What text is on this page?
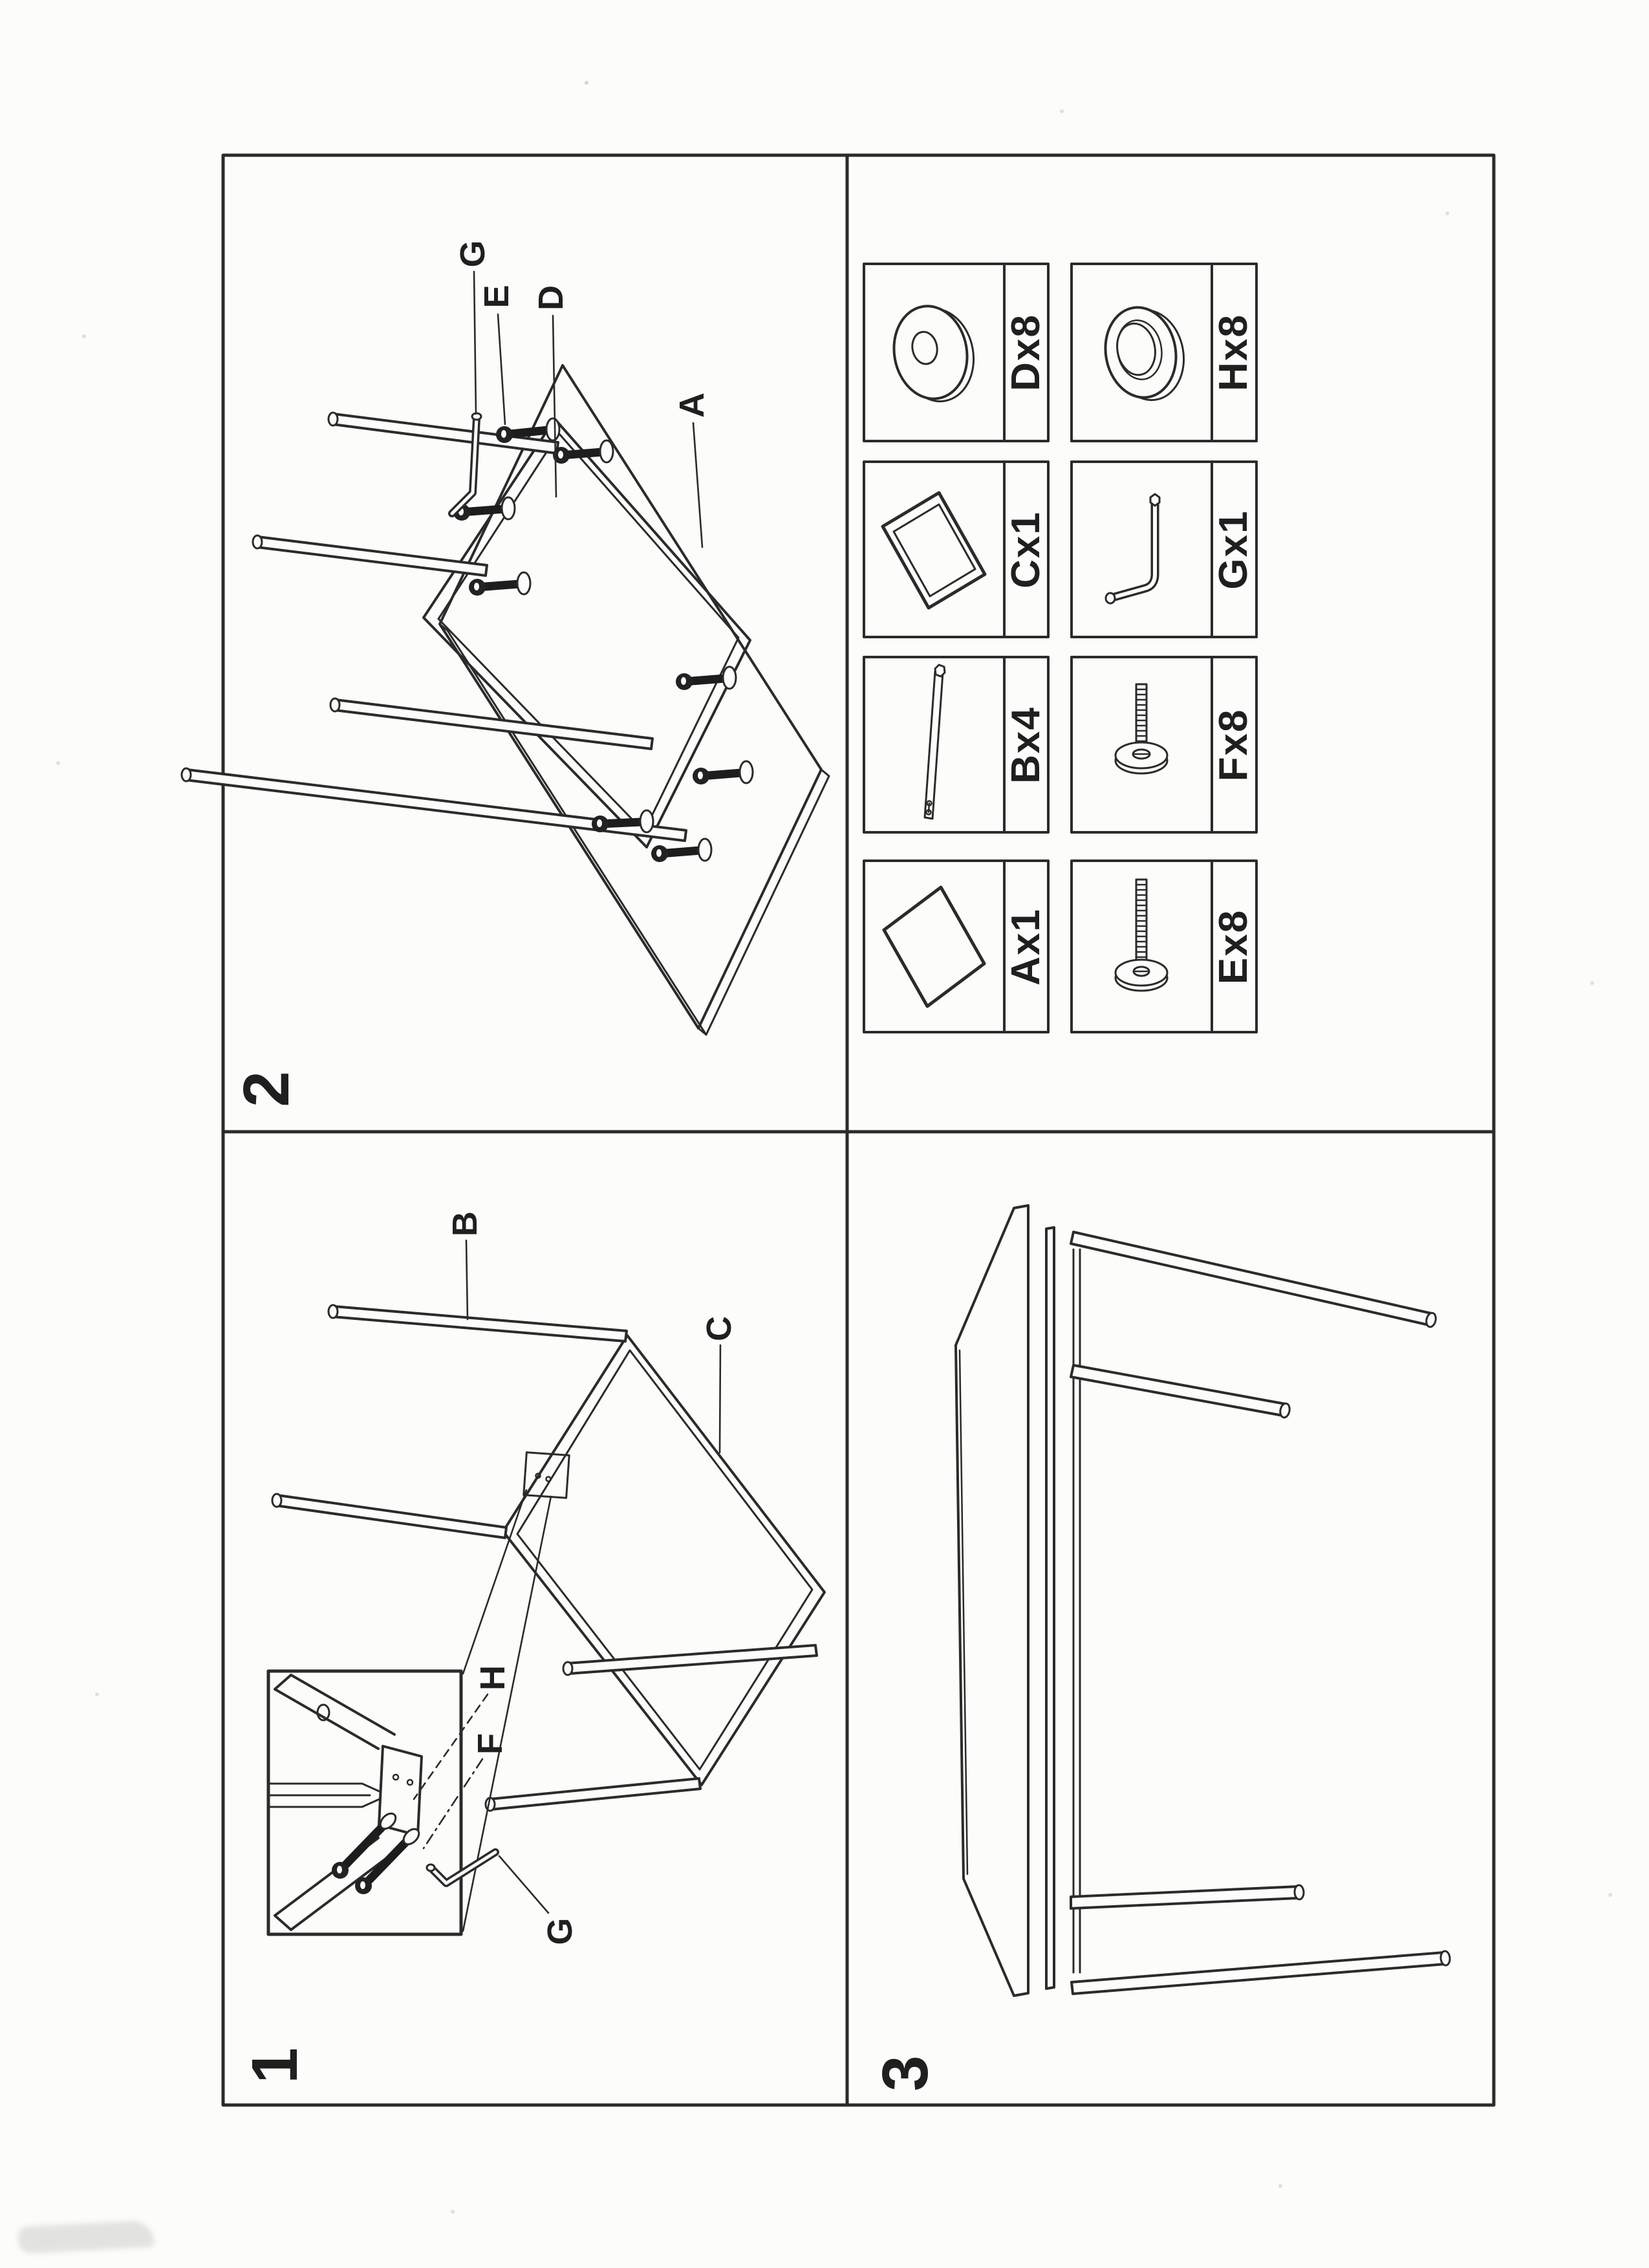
2
1	3
G
E D
A
B
C
H
F
G
Dx8
Cx1
Bx4
Ax1
Hx8
Gx1
Fx8
Ex8
